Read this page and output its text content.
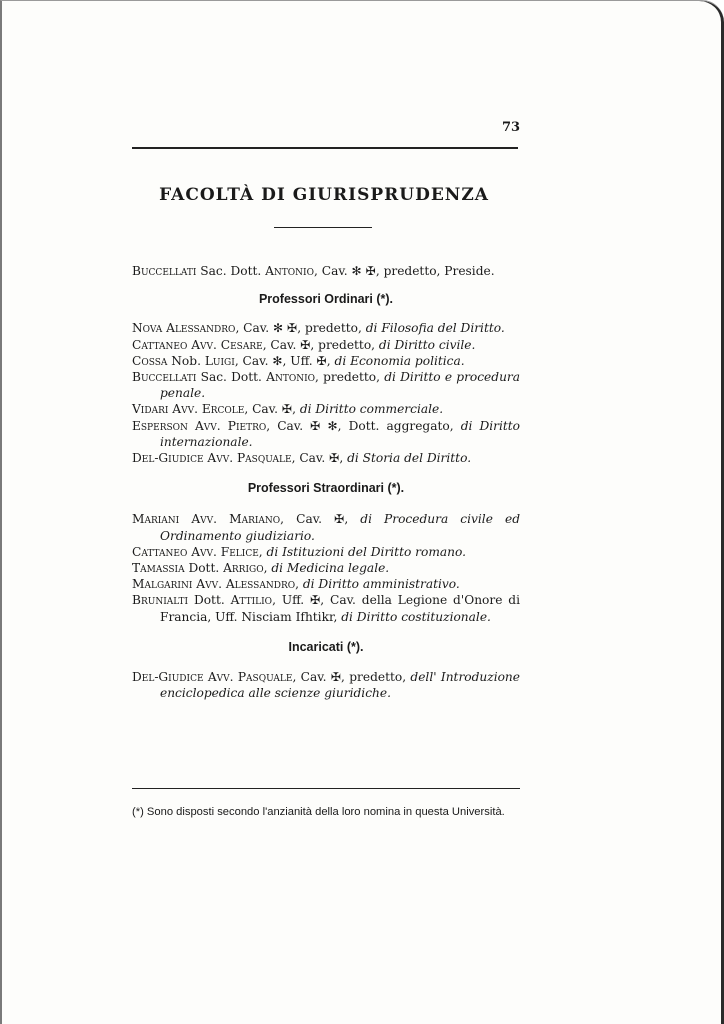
73
FACOLTÀ DI GIURISPRUDENZA

Buccellati Sac. Dott. Antonio, Cav. ✻ ✠, predetto, Preside.

Professori Ordinari (*).

Nova Alessandro, Cav. ✻ ✠, predetto, di Filosofia del Diritto.

Cattaneo Avv. Cesare, Cav. ✠, predetto, di Diritto civile.

Cossa Nob. Luigi, Cav. ✻, Uff. ✠, di Economia politica.

Buccellati Sac. Dott. Antonio, predetto, di Diritto e procedura penale.

Vidari Avv. Ercole, Cav. ✠, di Diritto commerciale.

Esperson Avv. Pietro, Cav. ✠ ✻, Dott. aggregato, di Diritto internazionale.

Del-Giudice Avv. Pasquale, Cav. ✠, di Storia del Diritto.

Professori Straordinari (*).

Mariani Avv. Mariano, Cav. ✠, di Procedura civile ed Ordinamento giudiziario.

Cattaneo Avv. Felice, di Istituzioni del Diritto romano.

Tamassia Dott. Arrigo, di Medicina legale.

Malgarini Avv. Alessandro, di Diritto amministrativo.

Brunialti Dott. Attilio, Uff. ✠, Cav. della Legione d'Onore di Francia, Uff. Nisciam Ifhtikr, di Diritto costituzionale.

Incaricati (*).

Del-Giudice Avv. Pasquale, Cav. ✠, predetto, dell' Introduzione enciclopedica alle scienze giuridiche.

(*) Sono disposti secondo l'anzianità della loro nomina in questa Università.
